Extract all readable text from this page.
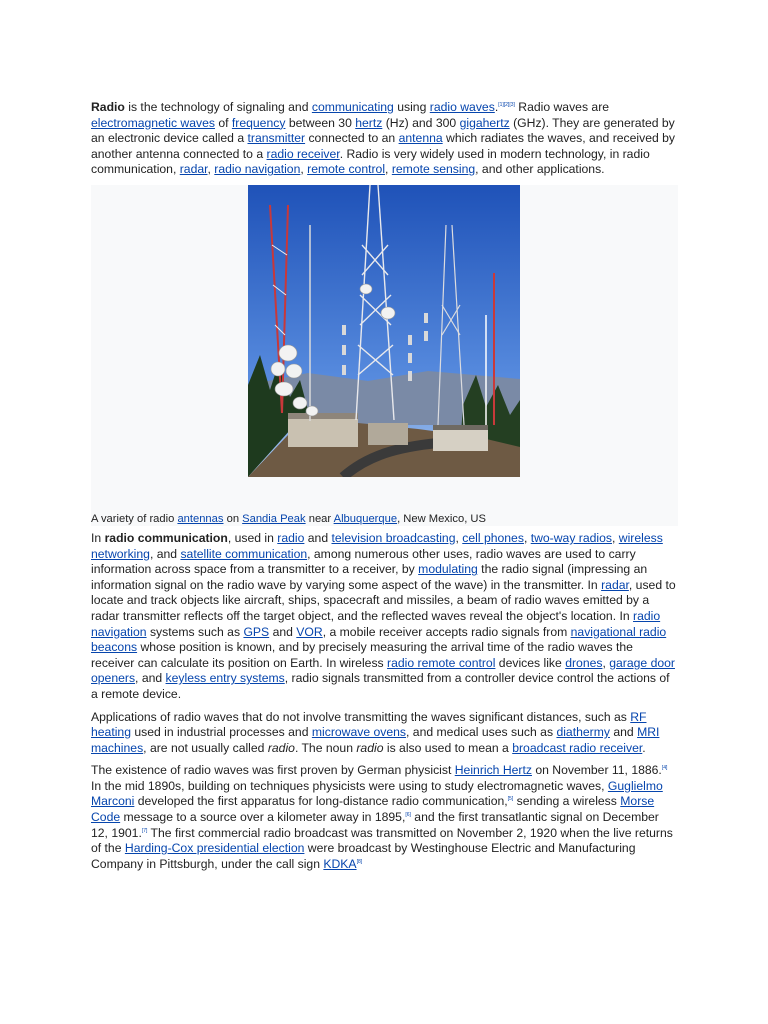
Radio is the technology of signaling and communicating using radio waves.[1][2][3] Radio waves are electromagnetic waves of frequency between 30 hertz (Hz) and 300 gigahertz (GHz). They are generated by an electronic device called a transmitter connected to an antenna which radiates the waves, and received by another antenna connected to a radio receiver. Radio is very widely used in modern technology, in radio communication, radar, radio navigation, remote control, remote sensing, and other applications.

A variety of radio antennas on Sandia Peak near Albuquerque, New Mexico, US

In radio communication, used in radio and television broadcasting, cell phones, two-way radios, wireless networking, and satellite communication, among numerous other uses, radio waves are used to carry information across space from a transmitter to a receiver, by modulating the radio signal (impressing an information signal on the radio wave by varying some aspect of the wave) in the transmitter. In radar, used to locate and track objects like aircraft, ships, spacecraft and missiles, a beam of radio waves emitted by a radar transmitter reflects off the target object, and the reflected waves reveal the object's location. In radio navigation systems such as GPS and VOR, a mobile receiver accepts radio signals from navigational radio beacons whose position is known, and by precisely measuring the arrival time of the radio waves the receiver can calculate its position on Earth. In wireless radio remote control devices like drones, garage door openers, and keyless entry systems, radio signals transmitted from a controller device control the actions of a remote device.

Applications of radio waves that do not involve transmitting the waves significant distances, such as RF heating used in industrial processes and microwave ovens, and medical uses such as diathermy and MRI machines, are not usually called radio. The noun radio is also used to mean a broadcast radio receiver.

The existence of radio waves was first proven by German physicist Heinrich Hertz on November 11, 1886.[4] In the mid 1890s, building on techniques physicists were using to study electromagnetic waves, Guglielmo Marconi developed the first apparatus for long-distance radio communication,[5] sending a wireless Morse Code message to a source over a kilometer away in 1895,[6] and the first transatlantic signal on December 12, 1901.[7] The first commercial radio broadcast was transmitted on November 2, 1920 when the live returns of the Harding-Cox presidential election were broadcast by Westinghouse Electric and Manufacturing Company in Pittsburgh, under the call sign KDKA[8]
